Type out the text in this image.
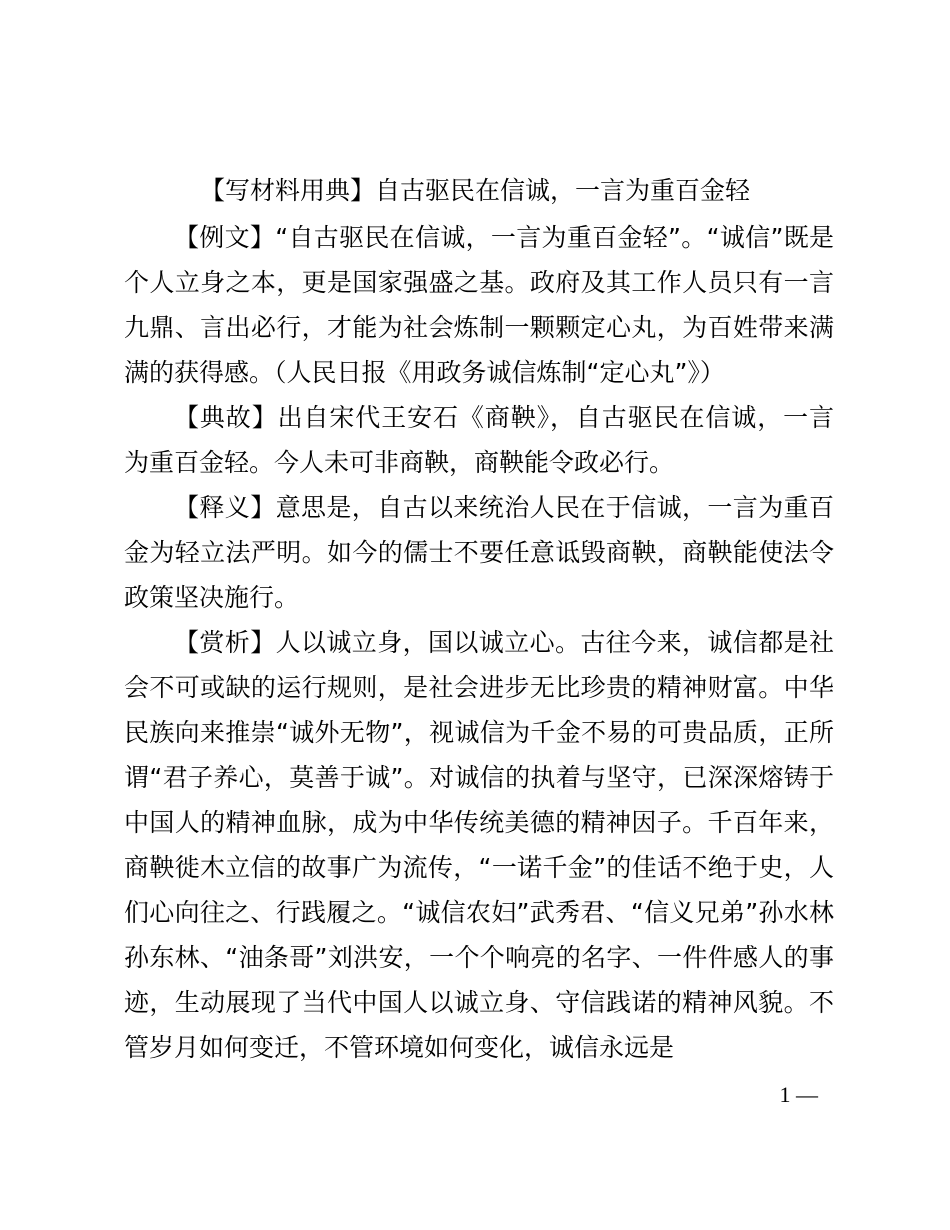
【写材料用典】自古驱民在信诚，一言为重百金轻

【例文】“自古驱民在信诚，一言为重百金轻”。“诚信”既是个人立身之本，更是国家强盛之基。政府及其工作人员只有一言九鼎、言出必行，才能为社会炼制一颗颗定心丸，为百姓带来满满的获得感。（人民日报《用政务诚信炼制“定心丸”》）

【典故】出自宋代王安石《商鞅》，自古驱民在信诚，一言为重百金轻。今人未可非商鞅，商鞅能令政必行。

【释义】意思是，自古以来统治人民在于信诚，一言为重百金为轻立法严明。如今的儒士不要任意诋毁商鞅，商鞅能使法令政策坚决施行。

【赏析】人以诚立身，国以诚立心。古往今来，诚信都是社会不可或缺的运行规则，是社会进步无比珍贵的精神财富。中华民族向来推崇“诚外无物”，视诚信为千金不易的可贵品质，正所谓“君子养心，莫善于诚”。对诚信的执着与坚守，已深深熔铸于中国人的精神血脉，成为中华传统美德的精神因子。千百年来，商鞅徙木立信的故事广为流传，“一诺千金”的佳话不绝于史，人们心向往之、行践履之。“诚信农妇”武秀君、“信义兄弟”孙水林孙东林、“油条哥”刘洪安，一个个响亮的名字、一件件感人的事迹，生动展现了当代中国人以诚立身、守信践诺的精神风貌。不管岁月如何变迁，不管环境如何变化，诚信永远是

1 —
